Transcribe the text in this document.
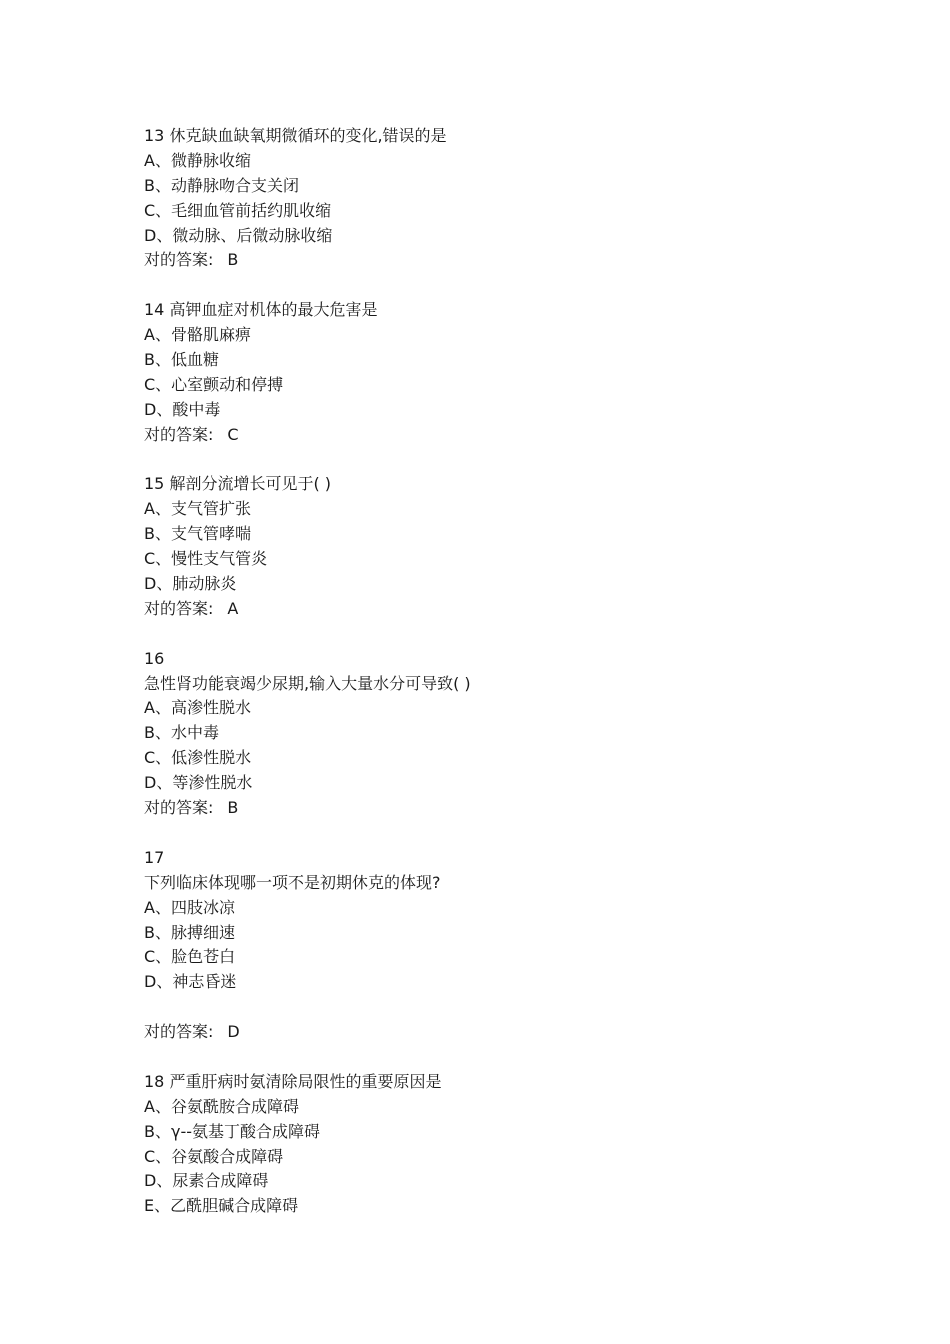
13 休克缺血缺氧期微循环的变化,错误的是
A、微静脉收缩
B、动静脉吻合支关闭
C、毛细血管前括约肌收缩
D、微动脉、后微动脉收缩
对的答案: B
14 高钾血症对机体的最大危害是
A、骨骼肌麻痹
B、低血糖
C、心室颤动和停搏
D、酸中毒
对的答案: C
15 解剖分流增长可见于( )
A、支气管扩张
B、支气管哮喘
C、慢性支气管炎
D、肺动脉炎
对的答案: A
16
急性肾功能衰竭少尿期,输入大量水分可导致( )
A、高渗性脱水
B、水中毒
C、低渗性脱水
D、等渗性脱水
对的答案: B
17
下列临床体现哪一项不是初期休克的体现?
A、四肢冰凉
B、脉搏细速
C、脸色苍白
D、神志昏迷
对的答案: D
18 严重肝病时氨清除局限性的重要原因是
A、谷氨酰胺合成障碍
B、γ--氨基丁酸合成障碍
C、谷氨酸合成障碍
D、尿素合成障碍
E、乙酰胆碱合成障碍
